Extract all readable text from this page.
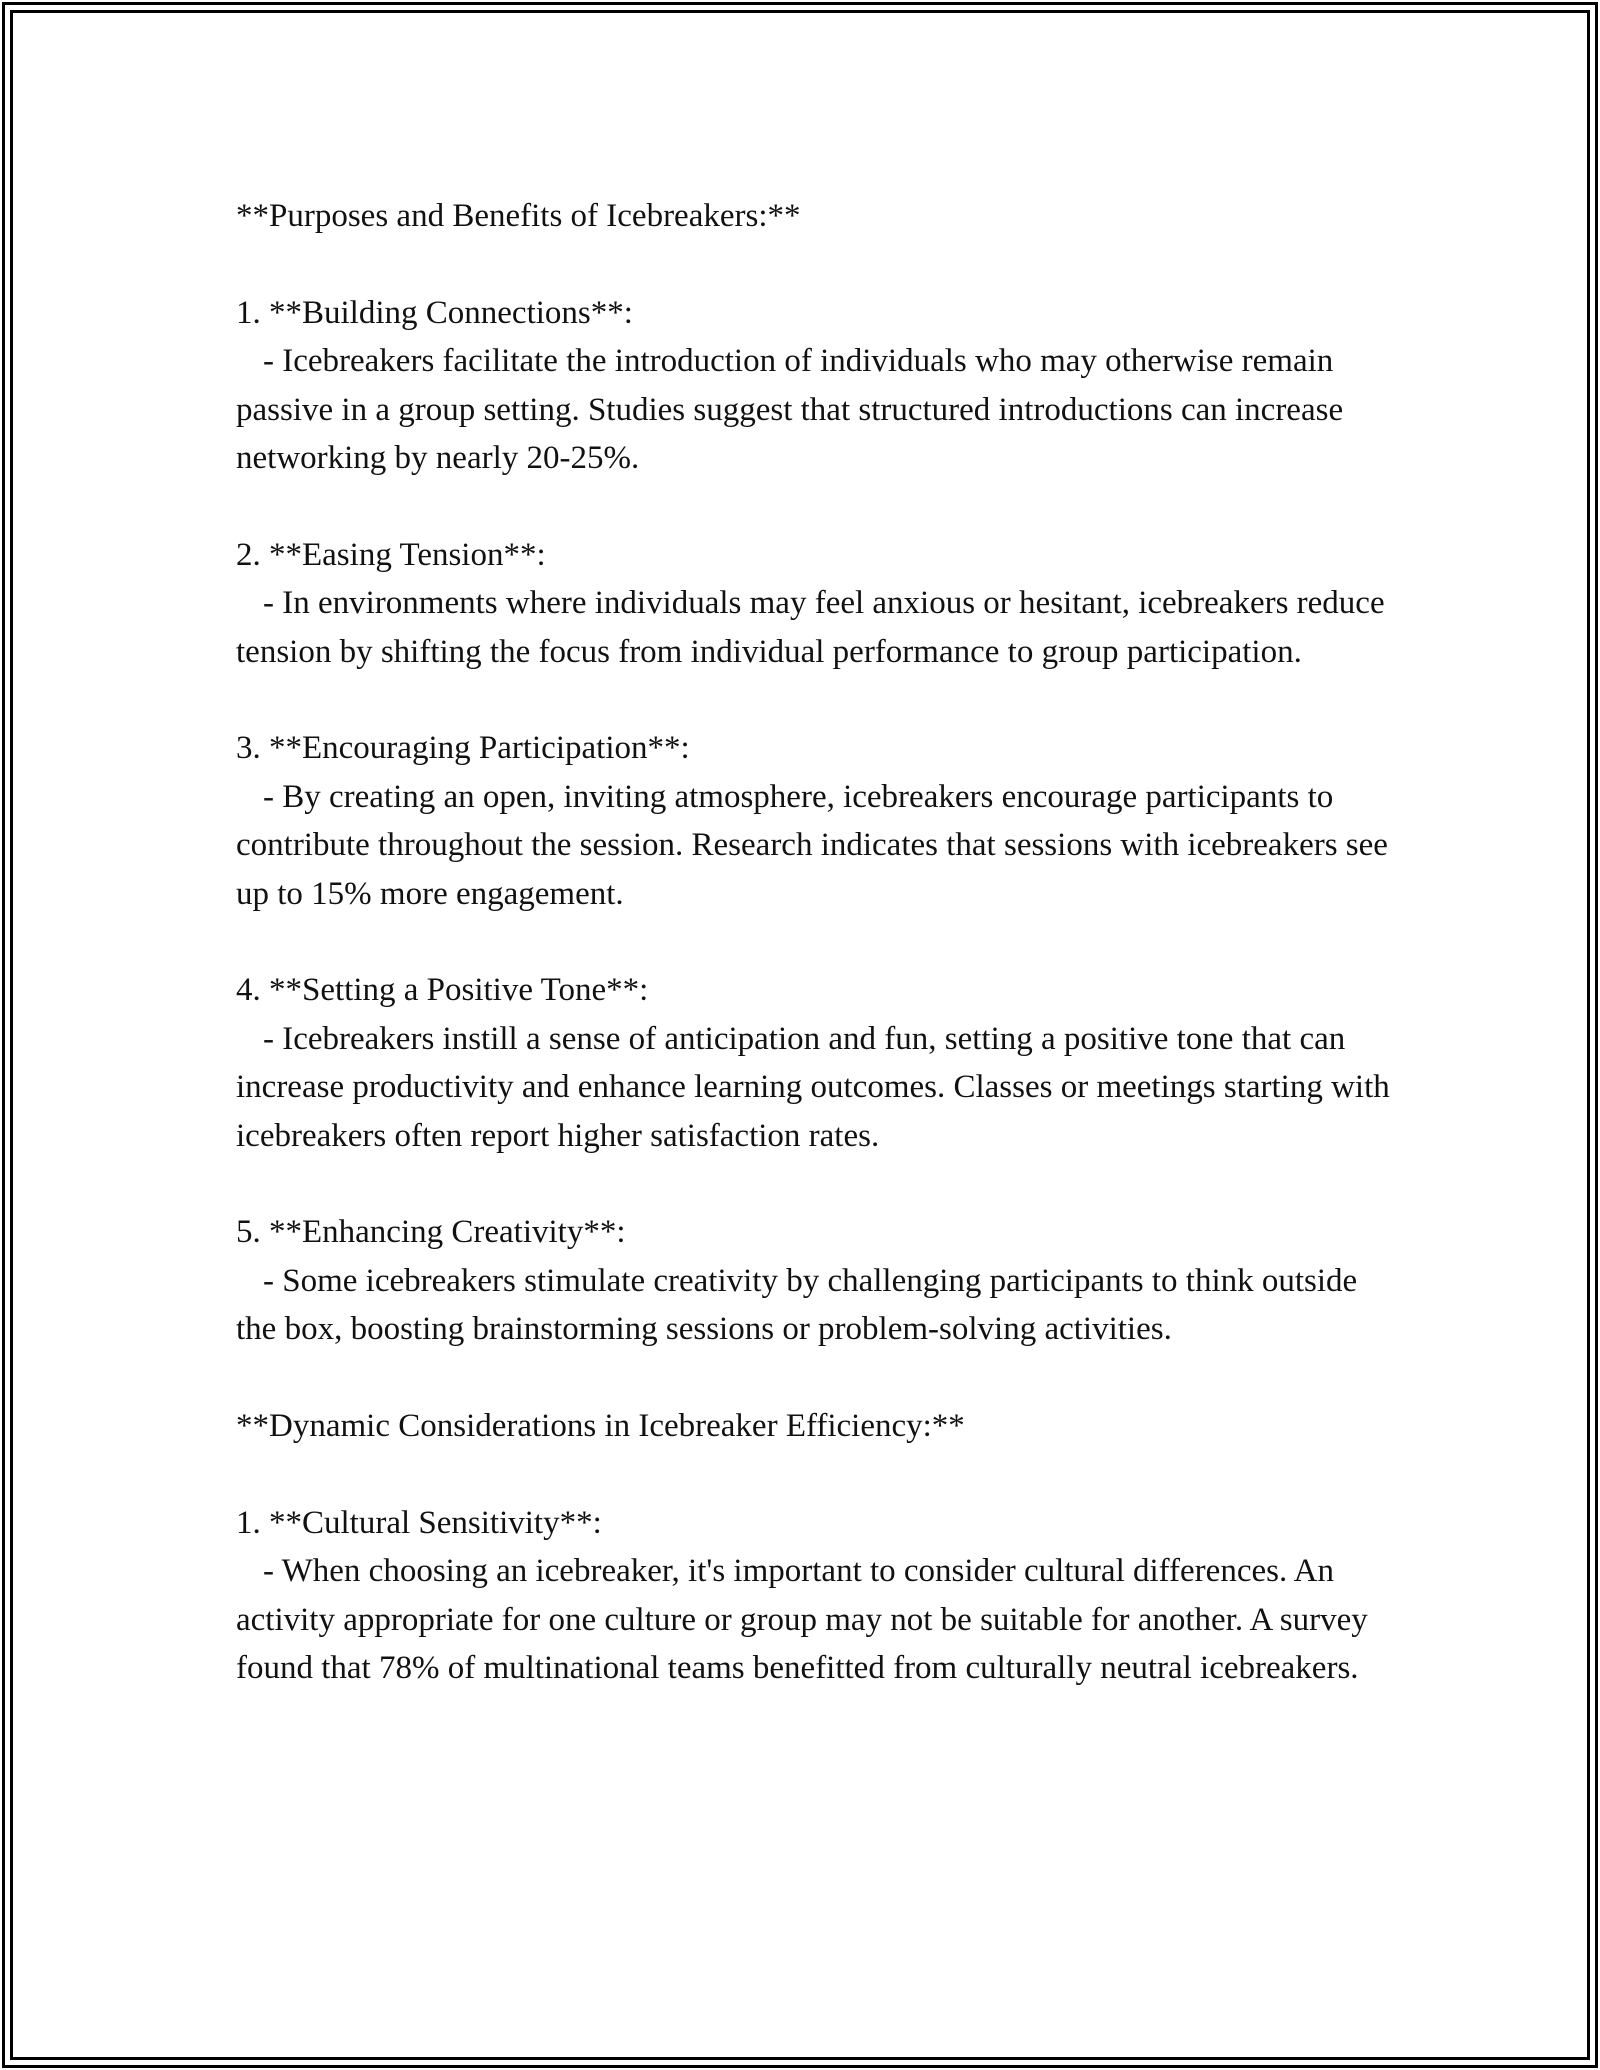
**Purposes and Benefits of Icebreakers:**

1. **Building Connections**:

- Icebreakers facilitate the introduction of individuals who may otherwise remain passive in a group setting. Studies suggest that structured introductions can increase networking by nearly 20-25%.

2. **Easing Tension**:

- In environments where individuals may feel anxious or hesitant, icebreakers reduce tension by shifting the focus from individual performance to group participation.

3. **Encouraging Participation**:

- By creating an open, inviting atmosphere, icebreakers encourage participants to contribute throughout the session. Research indicates that sessions with icebreakers see up to 15% more engagement.

4. **Setting a Positive Tone**:

- Icebreakers instill a sense of anticipation and fun, setting a positive tone that can increase productivity and enhance learning outcomes. Classes or meetings starting with icebreakers often report higher satisfaction rates.

5. **Enhancing Creativity**:

- Some icebreakers stimulate creativity by challenging participants to think outside the box, boosting brainstorming sessions or problem-solving activities.

**Dynamic Considerations in Icebreaker Efficiency:**

1. **Cultural Sensitivity**:

- When choosing an icebreaker, it's important to consider cultural differences. An activity appropriate for one culture or group may not be suitable for another. A survey found that 78% of multinational teams benefitted from culturally neutral icebreakers.
